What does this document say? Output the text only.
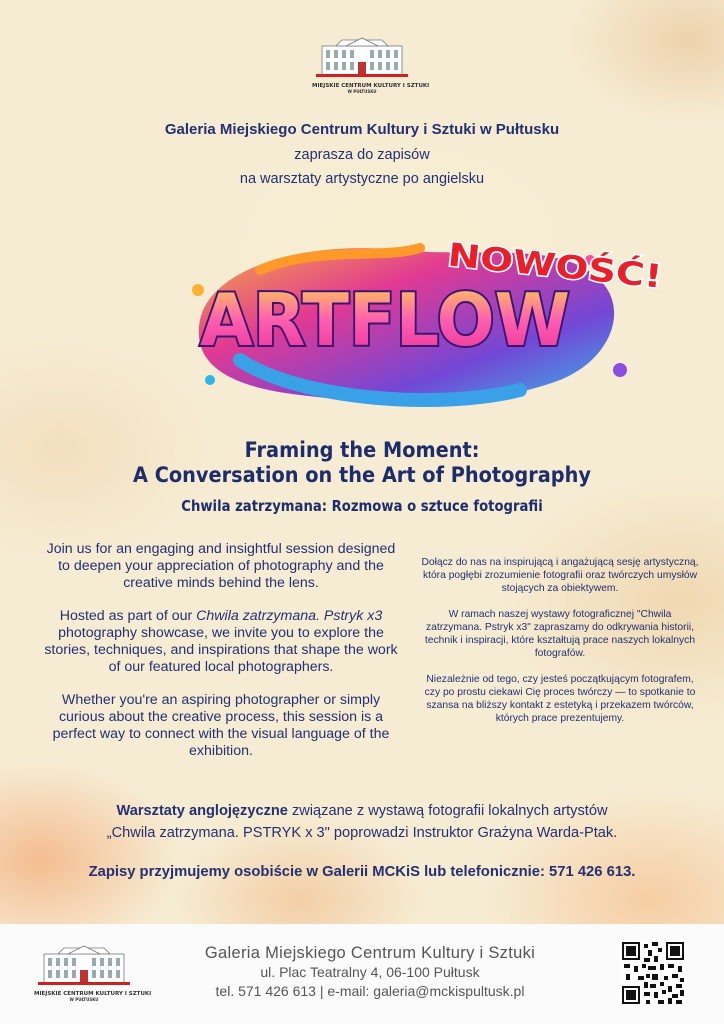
MIEJSKIE CENTRUM KULTURY I SZTUKI
W PUŁTUSKU
Galeria Miejskiego Centrum Kultury i Sztuki w Pułtusku
zaprasza do zapisów
na warsztaty artystyczne po angielsku
ARTFLOW
NOWOŚĆ!
Framing the Moment:
A Conversation on the Art of Photography
Chwila zatrzymana: Rozmowa o sztuce fotografii

Join us for an engaging and insightful session designed to deepen your appreciation of photography and the creative minds behind the lens.

Hosted as part of our Chwila zatrzymana. Pstryk x3 photography showcase, we invite you to explore the stories, techniques, and inspirations that shape the work of our featured local photographers.

Whether you're an aspiring photographer or simply curious about the creative process, this session is a perfect way to connect with the visual language of the exhibition.

Dołącz do nas na inspirującą i angażującą sesję artystyczną, która pogłębi zrozumienie fotografii oraz twórczych umysłów stojących za obiektywem.

W ramach naszej wystawy fotograficznej "Chwila zatrzymana. Pstryk x3" zapraszamy do odkrywania historii, technik i inspiracji, które kształtują prace naszych lokalnych fotografów.

Niezależnie od tego, czy jesteś początkującym fotografem, czy po prostu ciekawi Cię proces twórczy — to spotkanie to szansa na bliższy kontakt z estetyką i przekazem twórców, których prace prezentujemy.

Warsztaty anglojęzyczne związane z wystawą fotografii lokalnych artystów
„Chwila zatrzymana. PSTRYK x 3" poprowadzi Instruktor Grażyna Warda-Ptak.
Zapisy przyjmujemy osobiście w Galerii MCKiS lub telefonicznie: 571 426 613.
MIEJSKIE CENTRUM KULTURY I SZTUKI
W PUŁTUSKU
Galeria Miejskiego Centrum Kultury i Sztuki
ul. Plac Teatralny 4, 06-100 Pułtusk
tel. 571 426 613 | e-mail: galeria@mckispultusk.pl
